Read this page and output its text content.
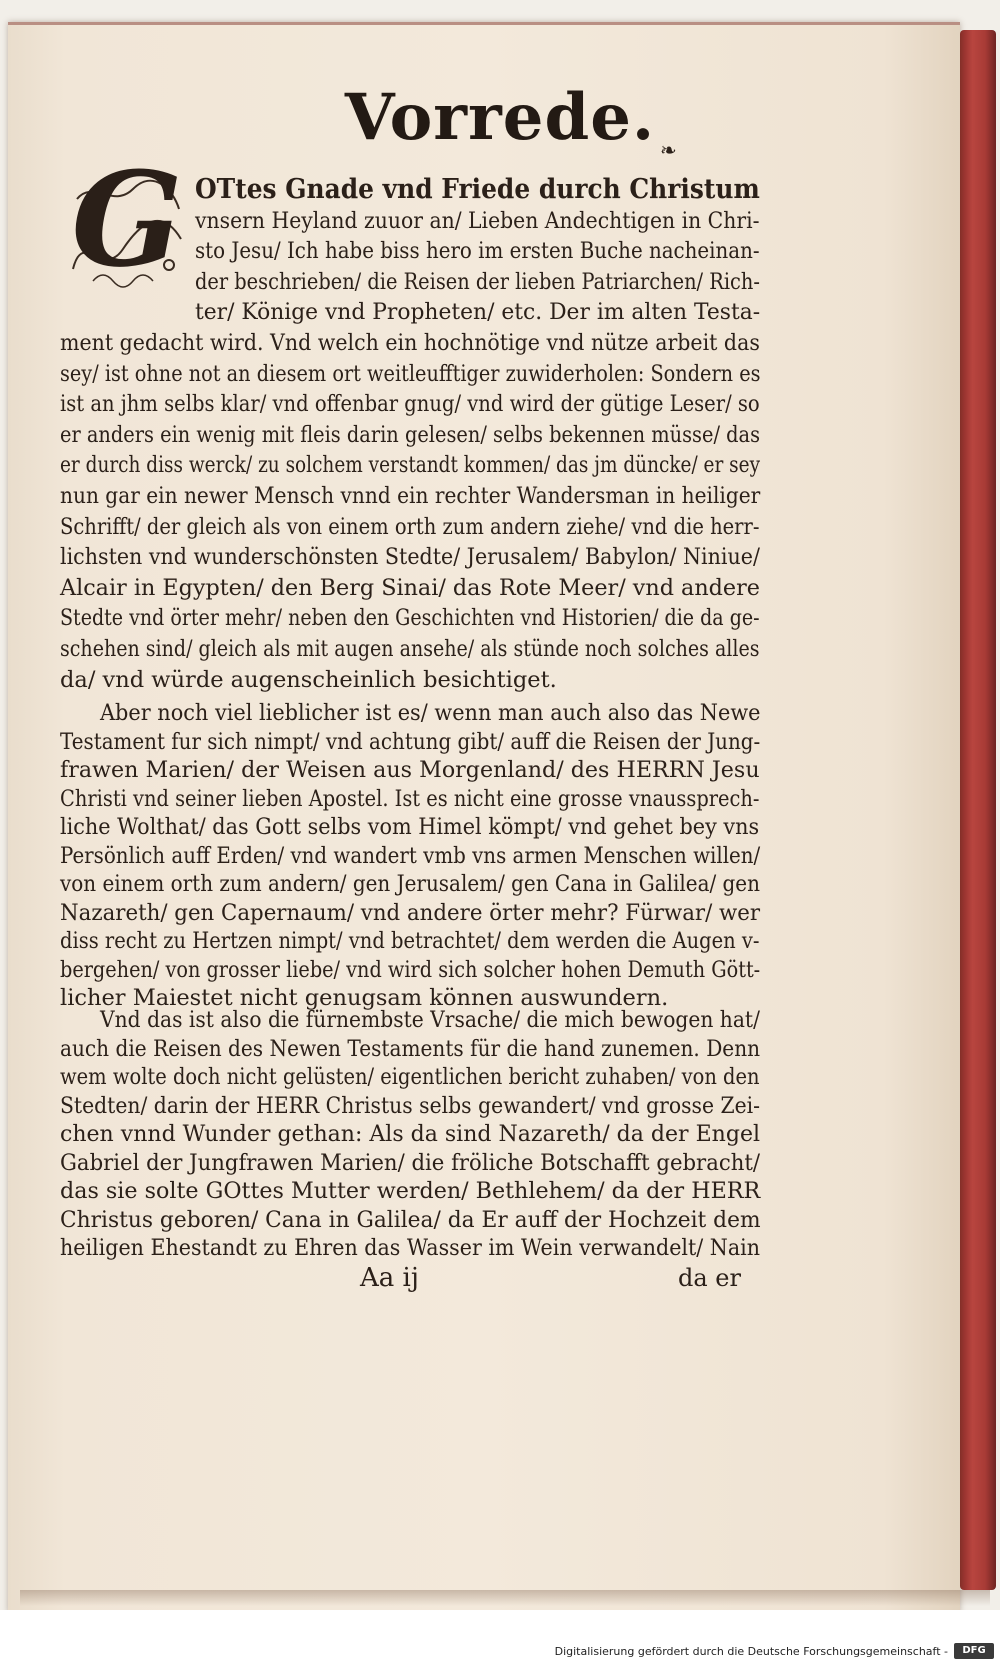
Vorrede. ❧
G OTtes Gnade vnd Friede durch Christum
vnsern Heyland zuuor an/ Lieben Andechtigen in Chri-
sto Jesu/ Ich habe biss hero im ersten Buche nacheinan-
der beschrieben/ die Reisen der lieben Patriarchen/ Rich-
ter/ Könige vnd Propheten/ etc. Der im alten Testa-
ment gedacht wird. Vnd welch ein hochnötige vnd nütze arbeit das
sey/ ist ohne not an diesem ort weitleufftiger zuwiderholen: Sondern es
ist an jhm selbs klar/ vnd offenbar gnug/ vnd wird der gütige Leser/ so
er anders ein wenig mit fleis darin gelesen/ selbs bekennen müsse/ das
er durch diss werck/ zu solchem verstandt kommen/ das jm düncke/ er sey
nun gar ein newer Mensch vnnd ein rechter Wandersman in heiliger
Schrifft/ der gleich als von einem orth zum andern ziehe/ vnd die herr-
lichsten vnd wunderschönsten Stedte/ Jerusalem/ Babylon/ Niniue/
Alcair in Egypten/ den Berg Sinai/ das Rote Meer/ vnd andere
Stedte vnd örter mehr/ neben den Geschichten vnd Historien/ die da ge-
schehen sind/ gleich als mit augen ansehe/ als stünde noch solches alles
da/ vnd würde augenscheinlich besichtiget.
Aber noch viel lieblicher ist es/ wenn man auch also das Newe
Testament fur sich nimpt/ vnd achtung gibt/ auff die Reisen der Jung-
frawen Marien/ der Weisen aus Morgenland/ des HERRN Jesu
Christi vnd seiner lieben Apostel. Ist es nicht eine grosse vnaussprech-
liche Wolthat/ das Gott selbs vom Himel kömpt/ vnd gehet bey vns
Persönlich auff Erden/ vnd wandert vmb vns armen Menschen willen/
von einem orth zum andern/ gen Jerusalem/ gen Cana in Galilea/ gen
Nazareth/ gen Capernaum/ vnd andere örter mehr? Fürwar/ wer
diss recht zu Hertzen nimpt/ vnd betrachtet/ dem werden die Augen v-
bergehen/ von grosser liebe/ vnd wird sich solcher hohen Demuth Gött-
licher Maiestet nicht genugsam können auswundern.
Vnd das ist also die fürnembste Vrsache/ die mich bewogen hat/
auch die Reisen des Newen Testaments für die hand zunemen. Denn
wem wolte doch nicht gelüsten/ eigentlichen bericht zuhaben/ von den
Stedten/ darin der HERR Christus selbs gewandert/ vnd grosse Zei-
chen vnnd Wunder gethan: Als da sind Nazareth/ da der Engel
Gabriel der Jungfrawen Marien/ die fröliche Botschafft gebracht/
das sie solte GOttes Mutter werden/ Bethlehem/ da der HERR
Christus geboren/ Cana in Galilea/ da Er auff der Hochzeit dem
heiligen Ehestandt zu Ehren das Wasser im Wein verwandelt/ Nain
Aa ij	da er
Digitalisierung gefördert durch die Deutsche Forschungsgemeinschaft -	DFG
